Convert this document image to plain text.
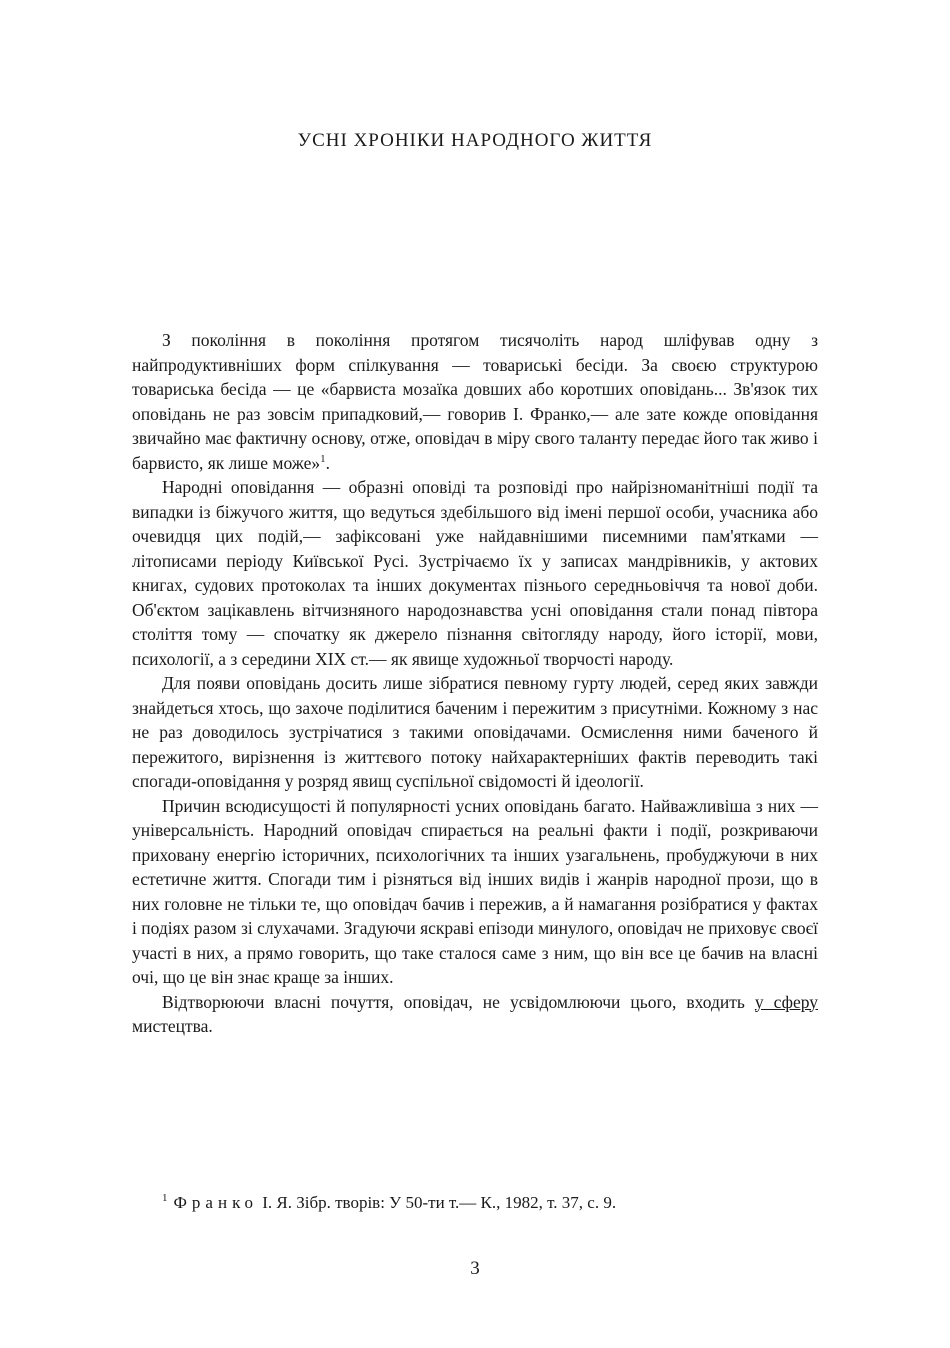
УСНІ ХРОНІКИ НАРОДНОГО ЖИТТЯ

З покоління в покоління протягом тисячоліть народ шліфував одну з найпродуктивніших форм спілкування — товариські бесіди. За своєю структурою товариська бесіда — це «барвиста мозаїка довших або коротших оповідань... Зв'язок тих оповідань не раз зовсім припадковий,— говорив І. Франко,— але зате кожде оповідання звичайно має фактичну основу, отже, оповідач в міру свого таланту передає його так живо і барвисто, як лише може»$^1$.

Народні оповідання — образні оповіді та розповіді про найрізноманітніші події та випадки із біжучого життя, що ведуться здебільшого від імені першої особи, учасника або очевидця цих подій,— зафіксовані уже найдавнішими писемними пам'ятками — літописами періоду Київської Русі. Зустрічаємо їх у записах мандрівників, у актових книгах, судових протоколах та інших документах пізнього середньовіччя та нової доби. Об'єктом зацікавлень вітчизняного народознавства усні оповідання стали понад півтора століття тому — спочатку як джерело пізнання світогляду народу, його історії, мови, психології, а з середини XIX ст.— як явище художньої творчості народу.

Для появи оповідань досить лише зібратися певному гурту людей, серед яких завжди знайдеться хтось, що захоче поділитися баченим і пережитим з присутніми. Кожному з нас не раз доводилось зустрічатися з такими оповідачами. Осмислення ними баченого й пережитого, вирізнення із життєвого потоку найхарактерніших фактів переводить такі спогади-оповідання у розряд явищ суспільної свідомості й ідеології.

Причин всюдисущості й популярності усних оповідань багато. Найважливіша з них — універсальність. Народний оповідач спирається на реальні факти і події, розкриваючи приховану енергію історичних, психологічних та інших узагальнень, пробуджуючи в них естетичне життя. Спогади тим і різняться від інших видів і жанрів народної прози, що в них головне не тільки те, що оповідач бачив і пережив, а й намагання розібратися у фактах і подіях разом зі слухачами. Згадуючи яскраві епізоди минулого, оповідач не приховує своєї участі в них, а прямо говорить, що таке сталося саме з ним, що він все це бачив на власні очі, що це він знає краще за інших.

Відтворюючи власні почуття, оповідач, не усвідомлюючи цього, входить у сферу мистецтва.

$^1$ Франко І. Я. Зібр. творів: У 50-ти т.— К., 1982, т. 37, с. 9.
3
